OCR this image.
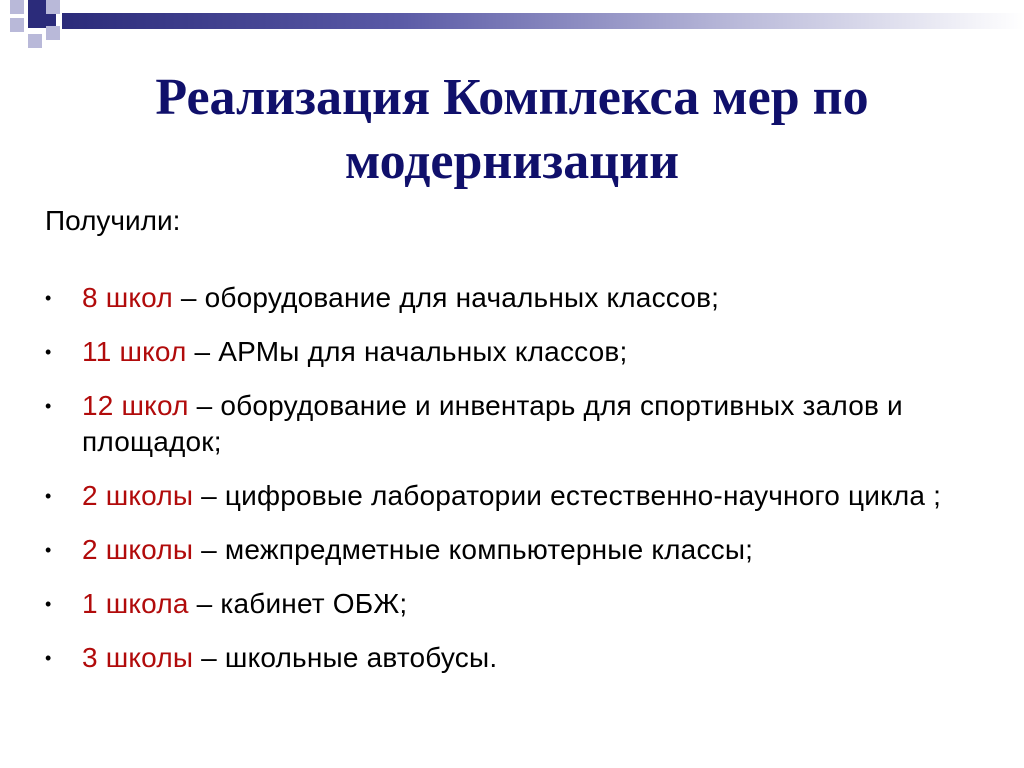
Реализация Комплекса мер по модернизации
Получили:
• 8 школ – оборудование для начальных классов;
• 11 школ – АРМы для начальных классов;
• 12 школ – оборудование и инвентарь для спортивных залов и площадок;
• 2 школы – цифровые лаборатории естественно-научного цикла ;
• 2 школы – межпредметные компьютерные классы;
• 1 школа – кабинет ОБЖ;
• 3 школы – школьные автобусы.
